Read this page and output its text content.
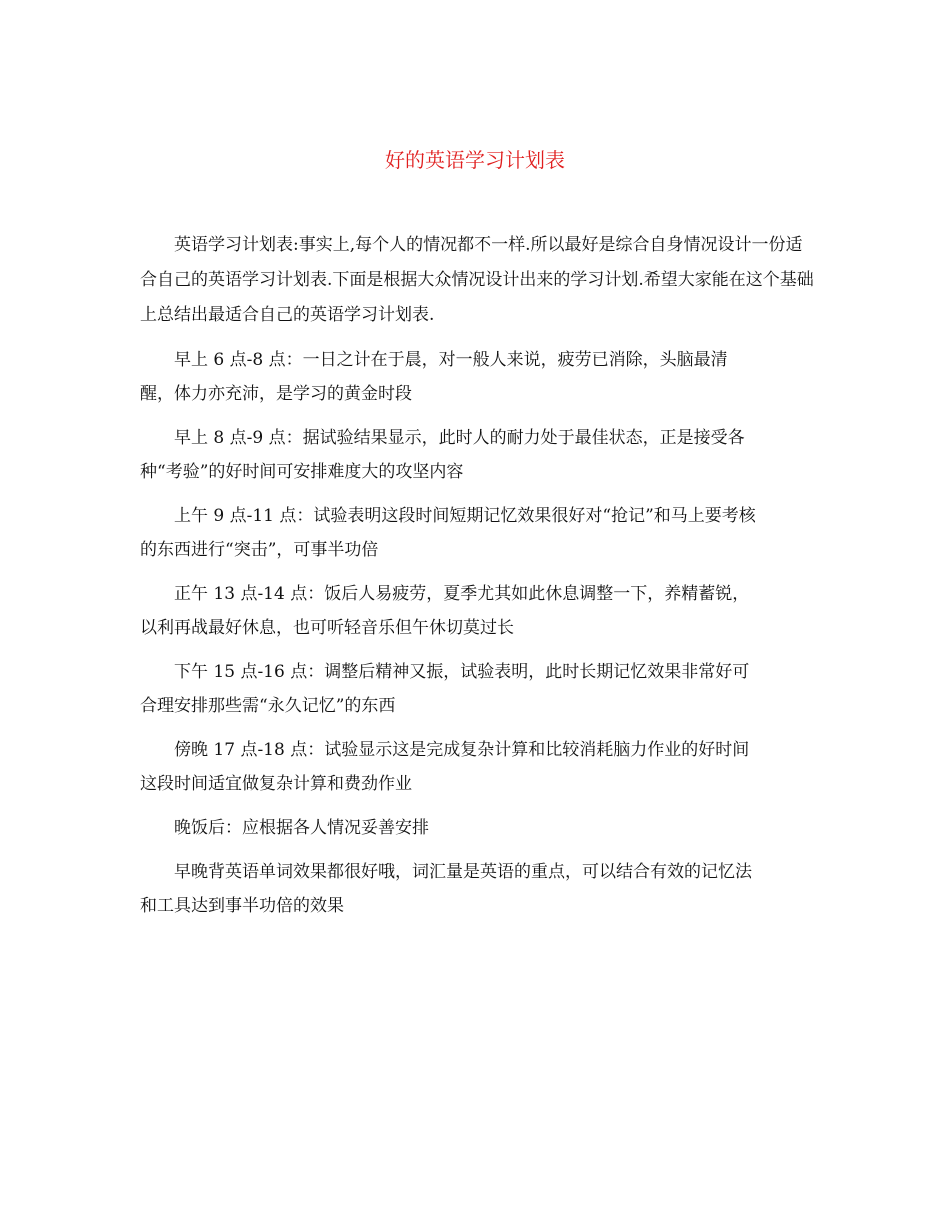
好的英语学习计划表

英语学习计划表:事实上,每个人的情况都不一样.所以最好是综合自身情况设计一份适合自己的英语学习计划表.下面是根据大众情况设计出来的学习计划.希望大家能在这个基础上总结出最适合自己的英语学习计划表.

早上 6 点-8 点：一日之计在于晨，对一般人来说，疲劳已消除，头脑最清
醒，体力亦充沛，是学习的黄金时段

早上 8 点-9 点：据试验结果显示，此时人的耐力处于最佳状态，正是接受各
种“考验”的好时间可安排难度大的攻坚内容

上午 9 点-11 点：试验表明这段时间短期记忆效果很好对“抢记”和马上要考核
的东西进行“突击”，可事半功倍

正午 13 点-14 点：饭后人易疲劳，夏季尤其如此休息调整一下，养精蓄锐，
以利再战最好休息，也可听轻音乐但午休切莫过长

下午 15 点-16 点：调整后精神又振，试验表明，此时长期记忆效果非常好可
合理安排那些需“永久记忆”的东西

傍晚 17 点-18 点：试验显示这是完成复杂计算和比较消耗脑力作业的好时间
这段时间适宜做复杂计算和费劲作业

晚饭后：应根据各人情况妥善安排

早晚背英语单词效果都很好哦，词汇量是英语的重点，可以结合有效的记忆法
和工具达到事半功倍的效果
